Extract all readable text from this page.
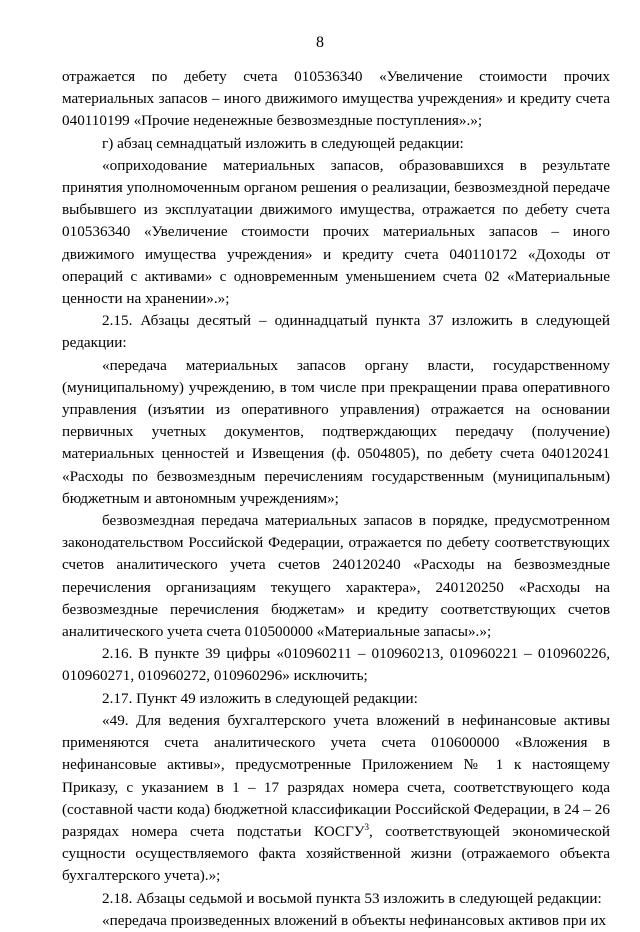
8

отражается по дебету счета 010536340 «Увеличение стоимости прочих материальных запасов – иного движимого имущества учреждения» и кредиту счета 040110199 «Прочие неденежные безвозмездные поступления».»;

г) абзац семнадцатый изложить в следующей редакции:

«оприходование материальных запасов, образовавшихся в результате принятия уполномоченным органом решения о реализации, безвозмездной передаче выбывшего из эксплуатации движимого имущества, отражается по дебету счета 010536340 «Увеличение стоимости прочих материальных запасов – иного движимого имущества учреждения» и кредиту счета 040110172 «Доходы от операций с активами» с одновременным уменьшением счета 02 «Материальные ценности на хранении».»;

2.15. Абзацы десятый – одиннадцатый пункта 37 изложить в следующей редакции:

«передача материальных запасов органу власти, государственному (муниципальному) учреждению, в том числе при прекращении права оперативного управления (изъятии из оперативного управления) отражается на основании первичных учетных документов, подтверждающих передачу (получение) материальных ценностей и Извещения (ф. 0504805), по дебету счета 040120241 «Расходы по безвозмездным перечислениям государственным (муниципальным) бюджетным и автономным учреждениям»;

безвозмездная передача материальных запасов в порядке, предусмотренном законодательством Российской Федерации, отражается по дебету соответствующих счетов аналитического учета счетов 240120240 «Расходы на безвозмездные перечисления организациям текущего характера», 240120250 «Расходы на безвозмездные перечисления бюджетам» и кредиту соответствующих счетов аналитического учета счета 010500000 «Материальные запасы».»;

2.16. В пункте 39 цифры «010960211 – 010960213, 010960221 – 010960226, 010960271, 010960272, 010960296» исключить;

2.17. Пункт 49 изложить в следующей редакции:

«49. Для ведения бухгалтерского учета вложений в нефинансовые активы применяются счета аналитического учета счета 010600000 «Вложения в нефинансовые активы», предусмотренные Приложением № 1 к настоящему Приказу, с указанием в 1 – 17 разрядах номера счета, соответствующего кода (составной части кода) бюджетной классификации Российской Федерации, в 24 – 26 разрядах номера счета подстатьи КОСГУ$^3$, соответствующей экономической сущности осуществляемого факта хозяйственной жизни (отражаемого объекта бухгалтерского учета).»;

2.18. Абзацы седьмой и восьмой пункта 53 изложить в следующей редакции:

«передача произведенных вложений в объекты нефинансовых активов при их
